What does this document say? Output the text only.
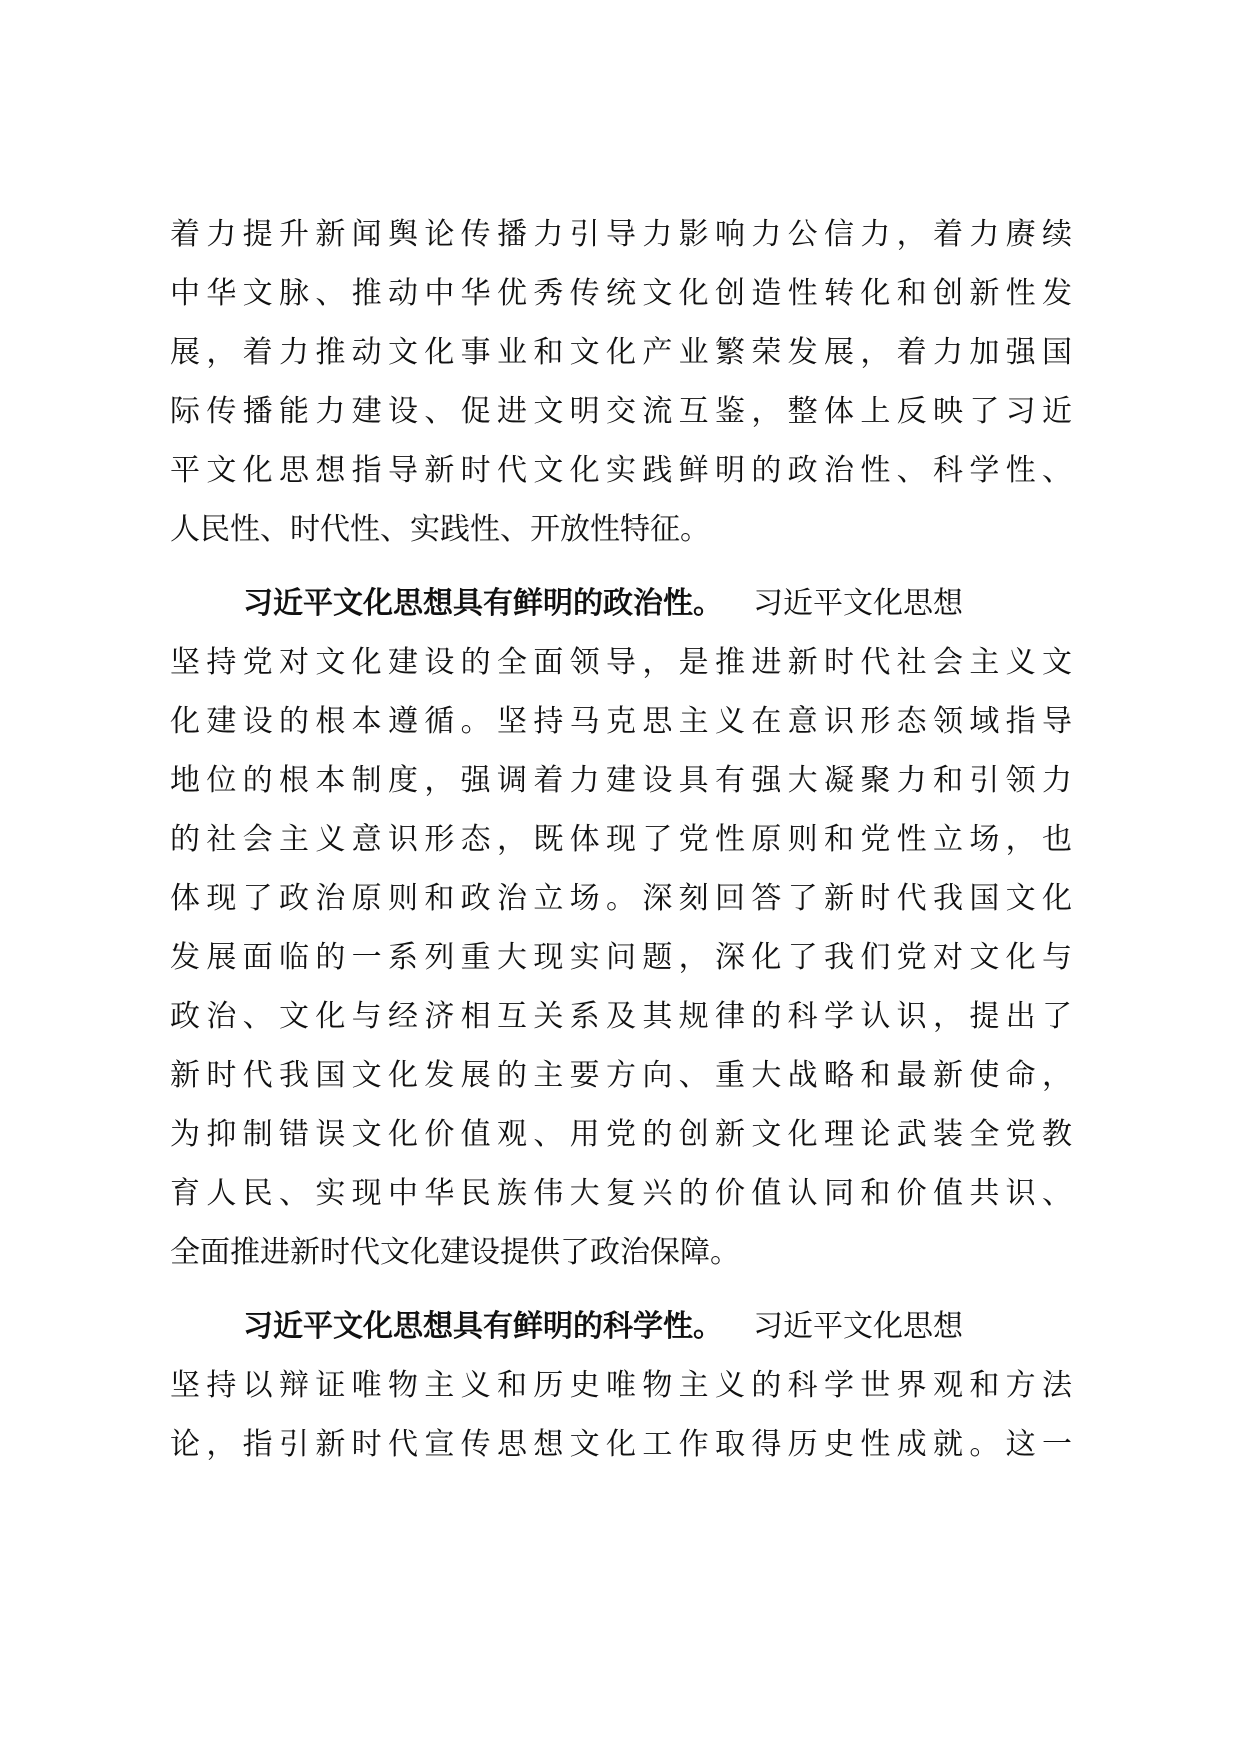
着力提升新闻舆论传播力引导力影响力公信力，着力赓续
中华文脉、推动中华优秀传统文化创造性转化和创新性发
展，着力推动文化事业和文化产业繁荣发展，着力加强国
际传播能力建设、促进文明交流互鉴，整体上反映了习近
平文化思想指导新时代文化实践鲜明的政治性、科学性、
人民性、时代性、实践性、开放性特征。
习近平文化思想具有鲜明的政治性。 习近平文化思想
坚持党对文化建设的全面领导，是推进新时代社会主义文
化建设的根本遵循。坚持马克思主义在意识形态领域指导
地位的根本制度，强调着力建设具有强大凝聚力和引领力
的社会主义意识形态，既体现了党性原则和党性立场，也
体现了政治原则和政治立场。深刻回答了新时代我国文化
发展面临的一系列重大现实问题，深化了我们党对文化与
政治、文化与经济相互关系及其规律的科学认识，提出了
新时代我国文化发展的主要方向、重大战略和最新使命，
为抑制错误文化价值观、用党的创新文化理论武装全党教
育人民、实现中华民族伟大复兴的价值认同和价值共识、
全面推进新时代文化建设提供了政治保障。
习近平文化思想具有鲜明的科学性。 习近平文化思想
坚持以辩证唯物主义和历史唯物主义的科学世界观和方法
论，指引新时代宣传思想文化工作取得历史性成就。这一
